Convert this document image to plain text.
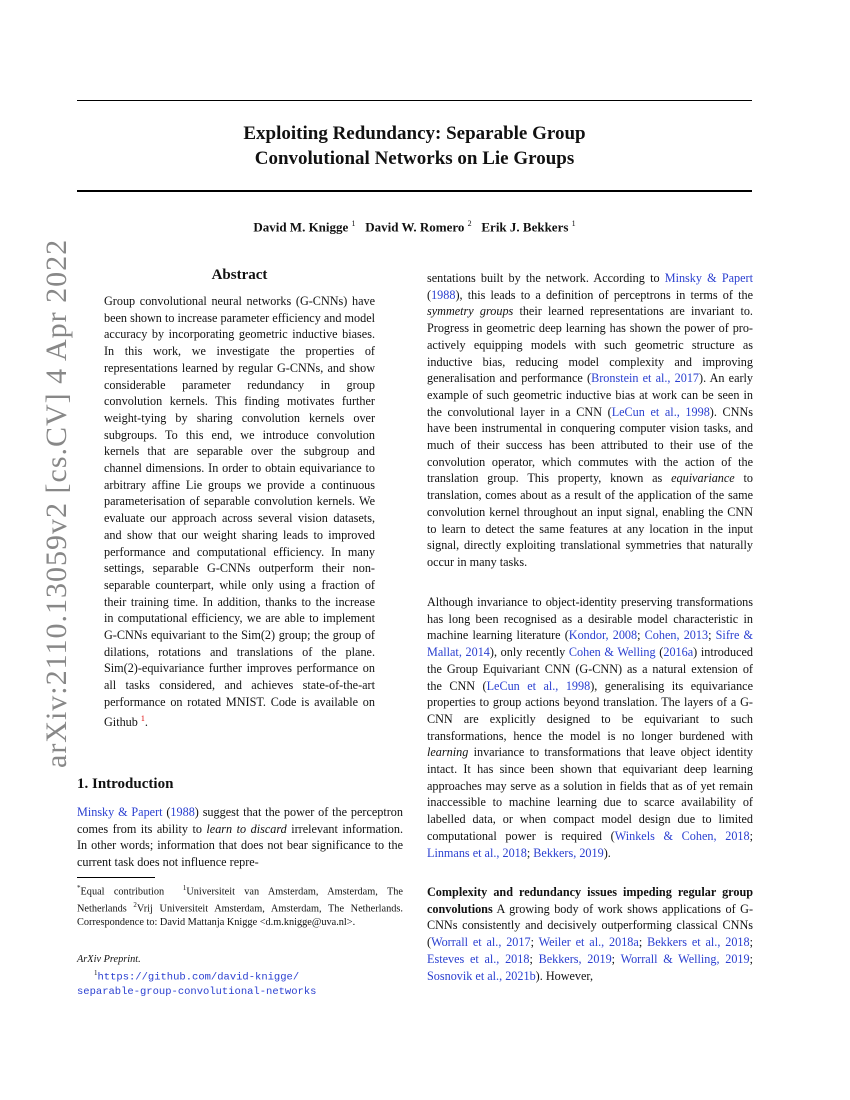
arXiv:2110.13059v2 [cs.CV] 4 Apr 2022
Exploiting Redundancy: Separable Group
Convolutional Networks on Lie Groups
David M. Knigge $^1$ David W. Romero $^2$ Erik J. Bekkers $^1$
Abstract
Group convolutional neural networks (G-CNNs) have been shown to increase parameter efficiency and model accuracy by incorporating geometric inductive biases. In this work, we investigate the properties of representations learned by regular G-CNNs, and show considerable parameter redundancy in group convolution kernels. This finding motivates further weight-tying by sharing convolution kernels over subgroups. To this end, we introduce convolution kernels that are separable over the subgroup and channel dimensions. In order to obtain equivariance to arbitrary affine Lie groups we provide a continuous parameterisation of separable convolution kernels. We evaluate our approach across several vision datasets, and show that our weight sharing leads to improved performance and computational efficiency. In many settings, separable G-CNNs outperform their non-separable counterpart, while only using a fraction of their training time. In addition, thanks to the increase in computational efficiency, we are able to implement G-CNNs equivariant to the Sim(2) group; the group of dilations, rotations and translations of the plane. Sim(2)-equivariance further improves performance on all tasks considered, and achieves state-of-the-art performance on rotated MNIST. Code is available on Github $^1$.
1. Introduction
Minsky & Papert (1988) suggest that the power of the perceptron comes from its ability to learn to discard irrelevant information. In other words; information that does not bear significance to the current task does not influence repre-
*Equal contribution	$^1$Universiteit van Amsterdam, Amsterdam, The Netherlands $^2$Vrij Universiteit Amsterdam, Amsterdam, The Netherlands. Correspondence to: David Mattanja Knigge <d.m.knigge@uva.nl>.
ArXiv Preprint.
$^1$https://github.com/david-knigge/
separable-group-convolutional-networks
sentations built by the network. According to Minsky & Papert (1988), this leads to a definition of perceptrons in terms of the symmetry groups their learned representations are invariant to. Progress in geometric deep learning has shown the power of pro-actively equipping models with such geometric structure as inductive bias, reducing model complexity and improving generalisation and performance (Bronstein et al., 2017). An early example of such geometric inductive bias at work can be seen in the convolutional layer in a CNN (LeCun et al., 1998). CNNs have been instrumental in conquering computer vision tasks, and much of their success has been attributed to their use of the convolution operator, which commutes with the action of the translation group. This property, known as equivariance to translation, comes about as a result of the application of the same convolution kernel throughout an input signal, enabling the CNN to learn to detect the same features at any location in the input signal, directly exploiting translational symmetries that naturally occur in many tasks.
Although invariance to object-identity preserving transformations has long been recognised as a desirable model characteristic in machine learning literature (Kondor, 2008; Cohen, 2013; Sifre & Mallat, 2014), only recently Cohen & Welling (2016a) introduced the Group Equivariant CNN (G-CNN) as a natural extension of the CNN (LeCun et al., 1998), generalising its equivariance properties to group actions beyond translation. The layers of a G-CNN are explicitly designed to be equivariant to such transformations, hence the model is no longer burdened with learning invariance to transformations that leave object identity intact. It has since been shown that equivariant deep learning approaches may serve as a solution in fields that as of yet remain inaccessible to machine learning due to scarce availability of labelled data, or when compact model design due to limited computational power is required (Winkels & Cohen, 2018; Linmans et al., 2018; Bekkers, 2019).
Complexity and redundancy issues impeding regular group convolutions A growing body of work shows applications of G-CNNs consistently and decisively outperforming classical CNNs (Worrall et al., 2017; Weiler et al., 2018a; Bekkers et al., 2018; Esteves et al., 2018; Bekkers, 2019; Worrall & Welling, 2019; Sosnovik et al., 2021b). However,
